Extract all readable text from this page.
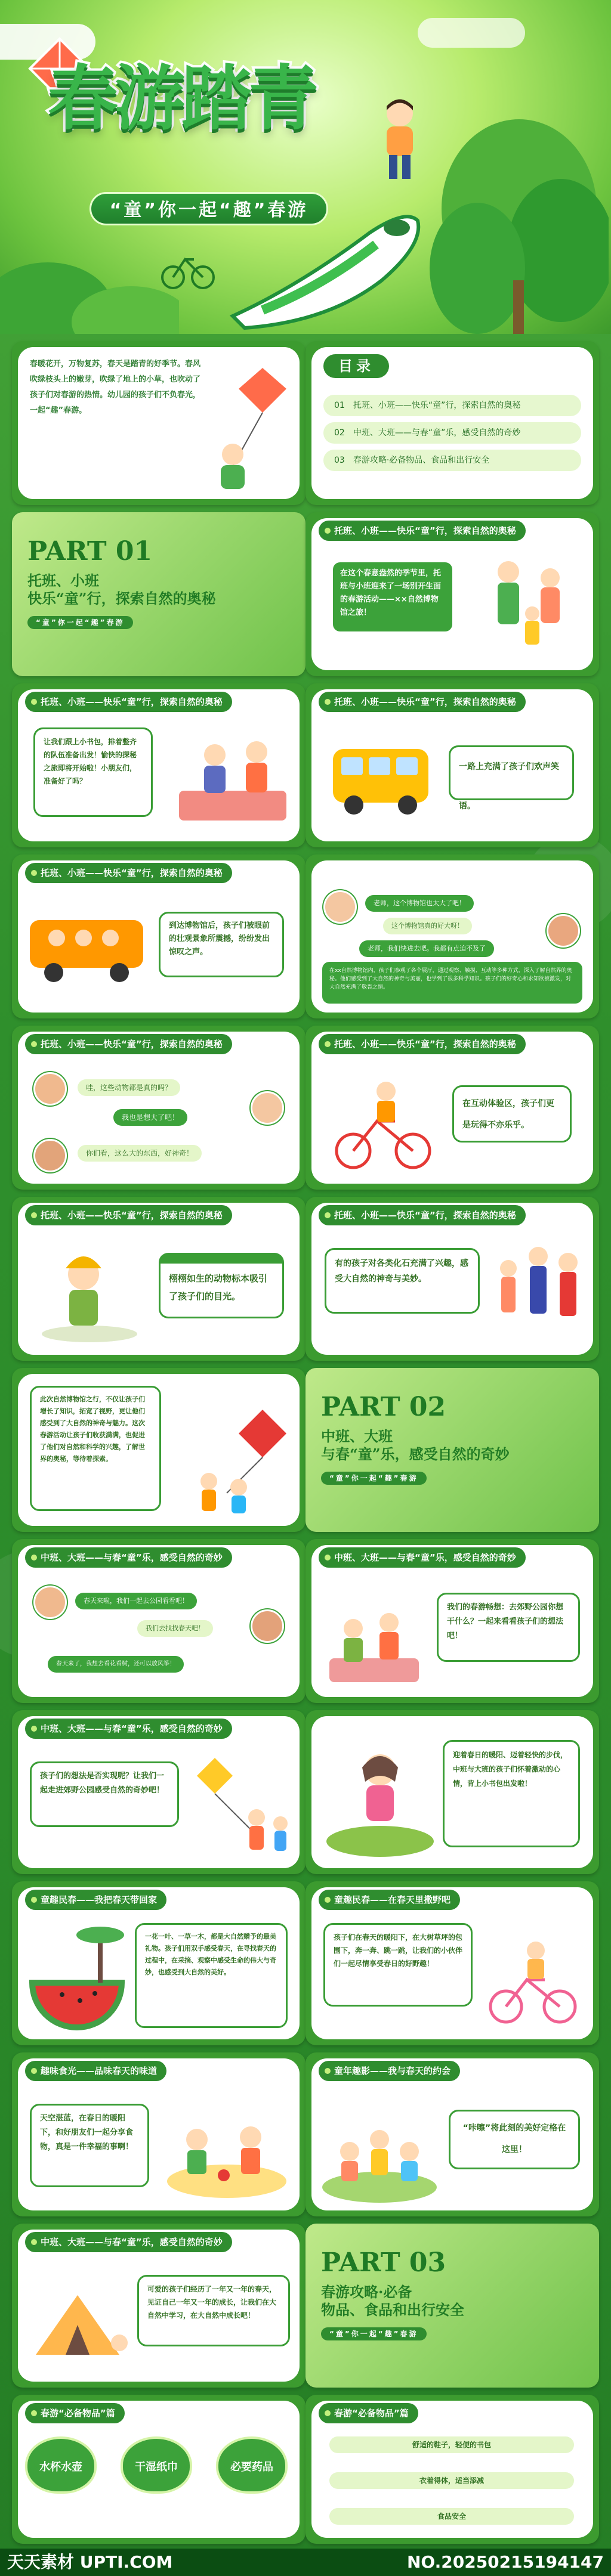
春游踏青
“童”你一起“趣”春游
春暖花开，万物复苏，春天是踏青的好季节。春风吹绿枝头上的嫩芽，吹绿了地上的小草，也吹动了孩子们对春游的热情。幼儿园的孩子们不负春光，一起“趣”春游。
目录
01　托班、小班——快乐“童”行，探索自然的奥秘
02　中班、大班——与春“童”乐，感受自然的奇妙
03　春游攻略·必备物品、食品和出行安全
PART 01
托班、小班
快乐“童”行，探索自然的奥秘
“童”你一起“趣”春游
托班、小班——快乐“童”行，探索自然的奥秘
在这个春意盎然的季节里，托班与小班迎来了一场别开生面的春游活动——××自然博物馆之旅！
托班、小班——快乐“童”行，探索自然的奥秘
让我们跟上小书包，排着整齐的队伍准备出发！愉快的探秘之旅即将开始啦！小朋友们，准备好了吗？
托班、小班——快乐“童”行，探索自然的奥秘
一路上充满了孩子们欢声笑语。
托班、小班——快乐“童”行，探索自然的奥秘
到达博物馆后，孩子们被眼前的壮观景象所震撼，纷纷发出惊叹之声。
老师，这个博物馆也太大了吧！
这个博物馆真的好大呀！
老师，我们快进去吧。我都有点迫不及了
在xx自然博物馆内，孩子们参观了各个展厅，通过观察、触摸、互动等多种方式，深入了解自然界的奥秘。他们感受到了大自然的神奇与美丽，也学到了很多科学知识。孩子们的好奇心和求知欲被激发，对大自然充满了敬畏之情。
托班、小班——快乐“童”行，探索自然的奥秘
哇，这些动物都是真的吗？
我也是想大了吧！
你们看，这么大的东西，好神奇！
托班、小班——快乐“童”行，探索自然的奥秘
在互动体验区，孩子们更是玩得不亦乐乎。
托班、小班——快乐“童”行，探索自然的奥秘
栩栩如生的动物标本吸引了孩子们的目光。
托班、小班——快乐“童”行，探索自然的奥秘
有的孩子对各类化石充满了兴趣，感受大自然的神奇与美妙。
此次自然博物馆之行，不仅让孩子们增长了知识，拓宽了视野，更让他们感受到了大自然的神奇与魅力。这次春游活动让孩子们收获满满，也促进了他们对自然和科学的兴趣，了解世界的奥秘，等待着探索。
PART 02
中班、大班
与春“童”乐，感受自然的奇妙
“童”你一起“趣”春游
中班、大班——与春“童”乐，感受自然的奇妙
春天来啦，我们一起去公园看看吧！
我们去找找春天吧！
春天来了，我想去看花看树，还可以放风筝！
中班、大班——与春“童”乐，感受自然的奇妙
我们的春游畅想：去郊野公园你想干什么？一起来看看孩子们的想法吧！
中班、大班——与春“童”乐，感受自然的奇妙
孩子们的想法是否实现呢？让我们一起走进郊野公园感受自然的奇妙吧！
迎着春日的暖阳、迈着轻快的步伐，中班与大班的孩子们怀着激动的心情，背上小书包出发啦！
童趣民春——我把春天带回家
一花一叶、一草一木，都是大自然赠予的最美礼物。孩子们用双手感受春天，在寻找春天的过程中，在采摘、观察中感受生命的伟大与奇妙，也感受到大自然的美好。
童趣民春——在春天里撒野吧
孩子们在春天的暖阳下，在大树草坪的包围下，奔一奔、跳一跳，让我们的小伙伴们一起尽情享受春日的好野趣！
趣味食光——品味春天的味道
天空湛蓝，在春日的暖阳下，和好朋友们一起分享食物，真是一件幸福的事啊！
童年趣影——我与春天的约会
“咔嚓”将此刻的美好定格在这里！
中班、大班——与春“童”乐，感受自然的奇妙
可爱的孩子们经历了一年又一年的春天，见证自己一年又一年的成长，让我们在大自然中学习，在大自然中成长吧！
PART 03
春游攻略·必备
物品、食品和出行安全
“童”你一起“趣”春游
春游“必备物品”篇
水杯水壶	干湿纸巾	必要药品
春游“必备物品”篇
舒适的鞋子，轻便的书包
衣着得体，适当添减
食品安全
天天素材 UPTI.COM	NO.20250215194147
